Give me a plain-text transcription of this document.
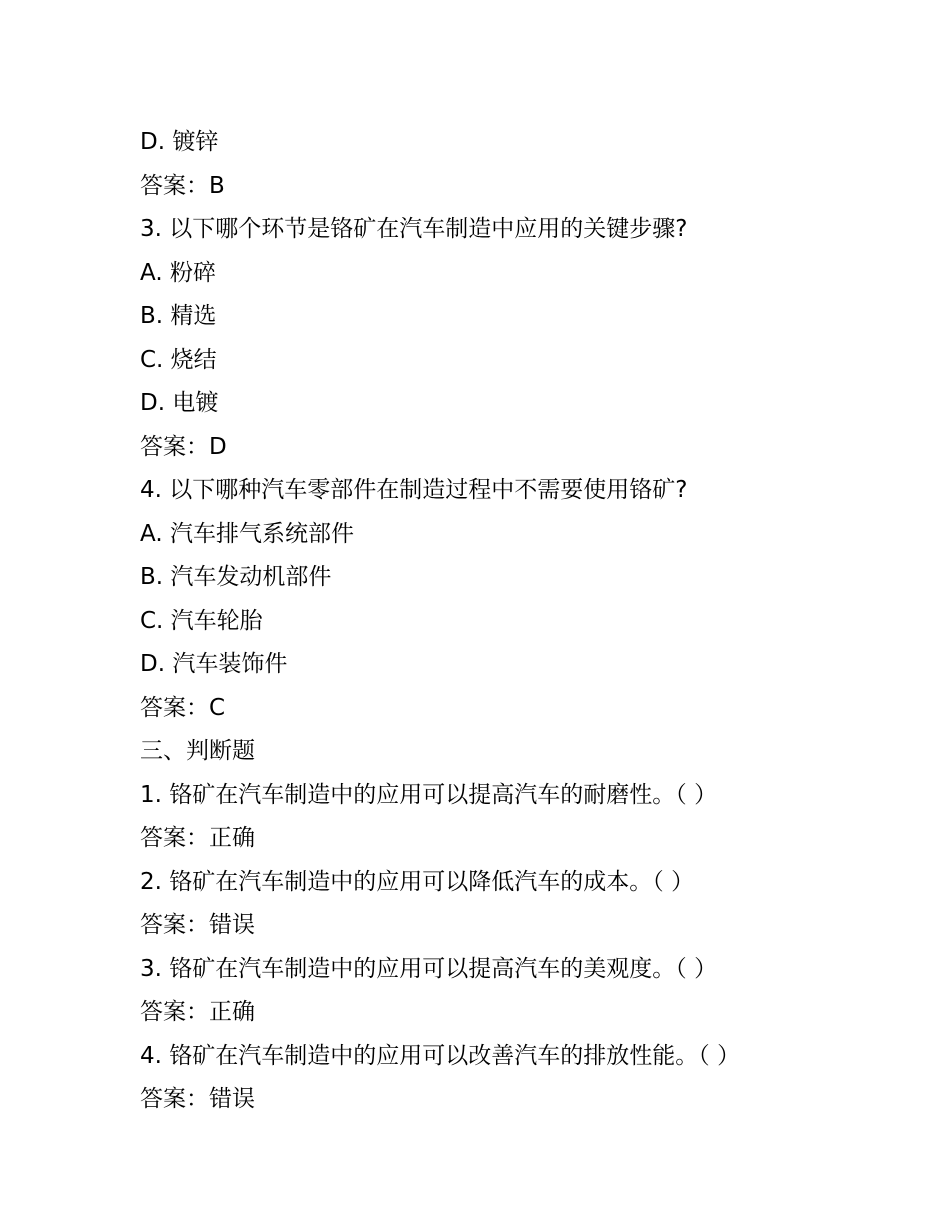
D. 镀锌
答案：B
3. 以下哪个环节是铬矿在汽车制造中应用的关键步骤?
A. 粉碎
B. 精选
C. 烧结
D. 电镀
答案：D
4. 以下哪种汽车零部件在制造过程中不需要使用铬矿?
A. 汽车排气系统部件
B. 汽车发动机部件
C. 汽车轮胎
D. 汽车装饰件
答案：C
三、判断题
1. 铬矿在汽车制造中的应用可以提高汽车的耐磨性。（ ）
答案：正确
2. 铬矿在汽车制造中的应用可以降低汽车的成本。（ ）
答案：错误
3. 铬矿在汽车制造中的应用可以提高汽车的美观度。（ ）
答案：正确
4. 铬矿在汽车制造中的应用可以改善汽车的排放性能。（ ）
答案：错误
